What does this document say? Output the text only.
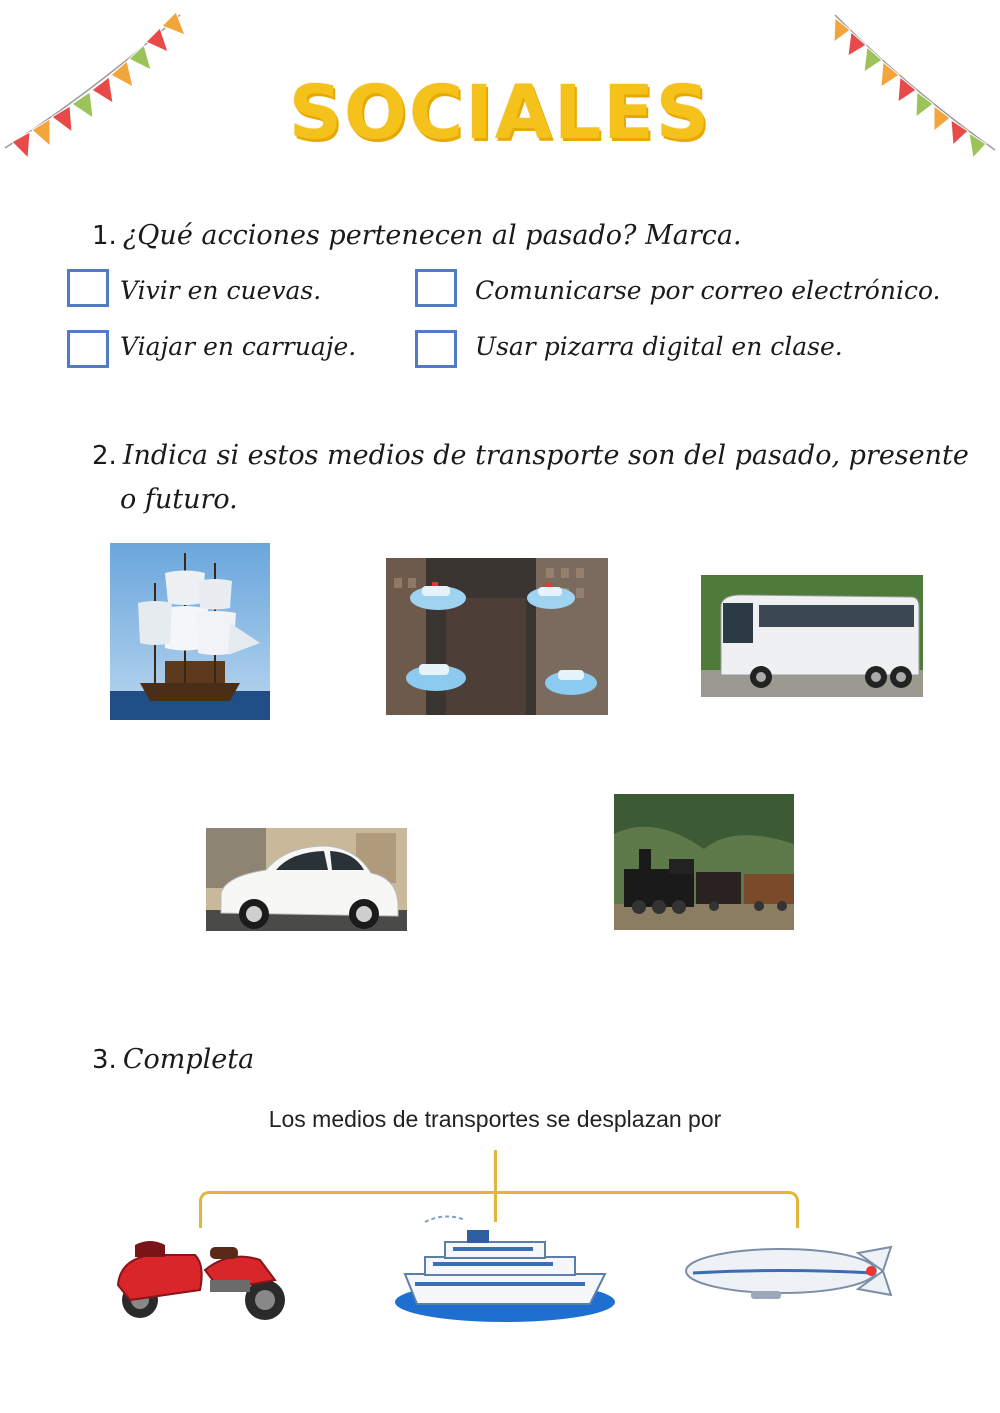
SOCIALES
1. ¿Qué acciones pertenecen al pasado? Marca.
Vivir en cuevas.	Comunicarse por correo electrónico.
Viajar en carruaje.	Usar pizarra digital en clase.
2. Indica si estos medios de transporte son del pasado, presente
o futuro.
3. Completa
Los medios de transportes se desplazan por
